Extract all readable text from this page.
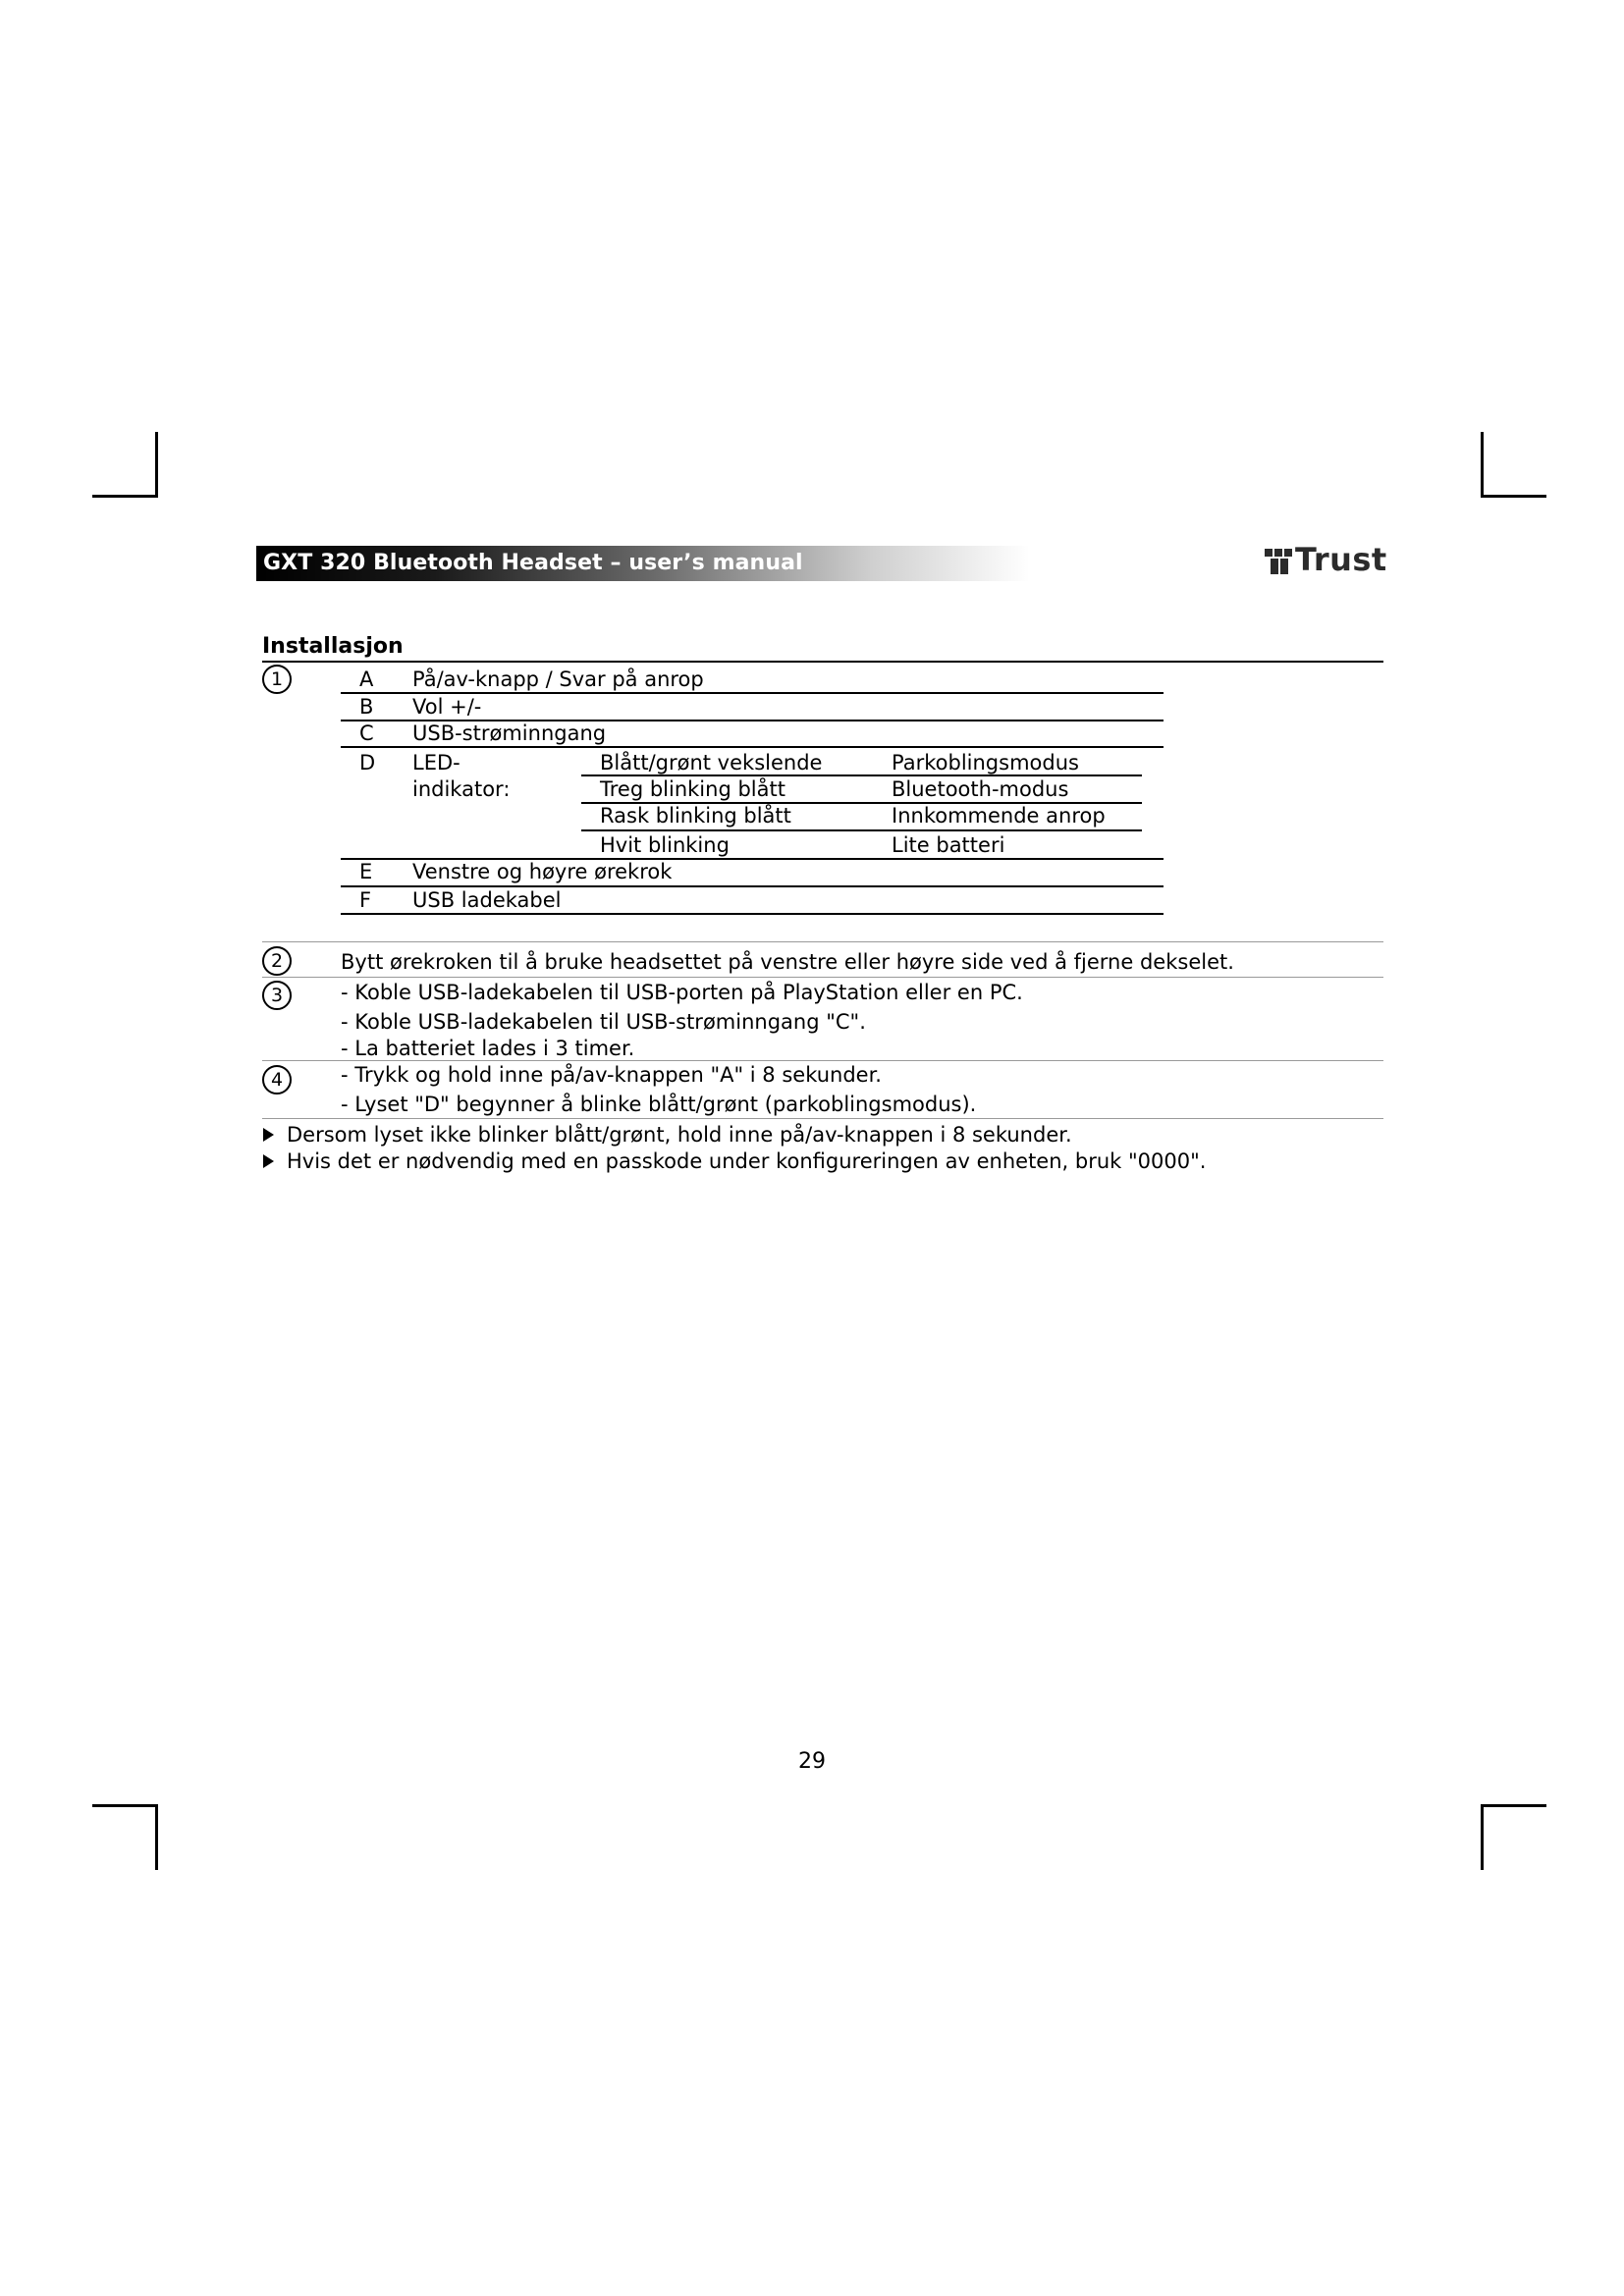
GXT 320 Bluetooth Headset – user’s manual	Trust
Installasjon
1	A På/av-knapp / Svar på anrop
B Vol +/-
C USB-strøminngang
D LED-
indikator:
Blått/grønt vekslende	Parkoblingsmodus
Treg blinking blått	Bluetooth-modus
Rask blinking blått	Innkommende anrop
Hvit blinking	Lite batteri
E Venstre og høyre ørekrok
F USB ladekabel
2	Bytt ørekroken til å bruke headsettet på venstre eller høyre side ved å fjerne dekselet.
3	- Koble USB-ladekabelen til USB-porten på PlayStation eller en PC.
- Koble USB-ladekabelen til USB-strøminngang "C".
- La batteriet lades i 3 timer.
4	- Trykk og hold inne på/av-knappen "A" i 8 sekunder.
- Lyset "D" begynner å blinke blått/grønt (parkoblingsmodus).
Dersom lyset ikke blinker blått/grønt, hold inne på/av-knappen i 8 sekunder.
Hvis det er nødvendig med en passkode under konfigureringen av enheten, bruk "0000".
29
